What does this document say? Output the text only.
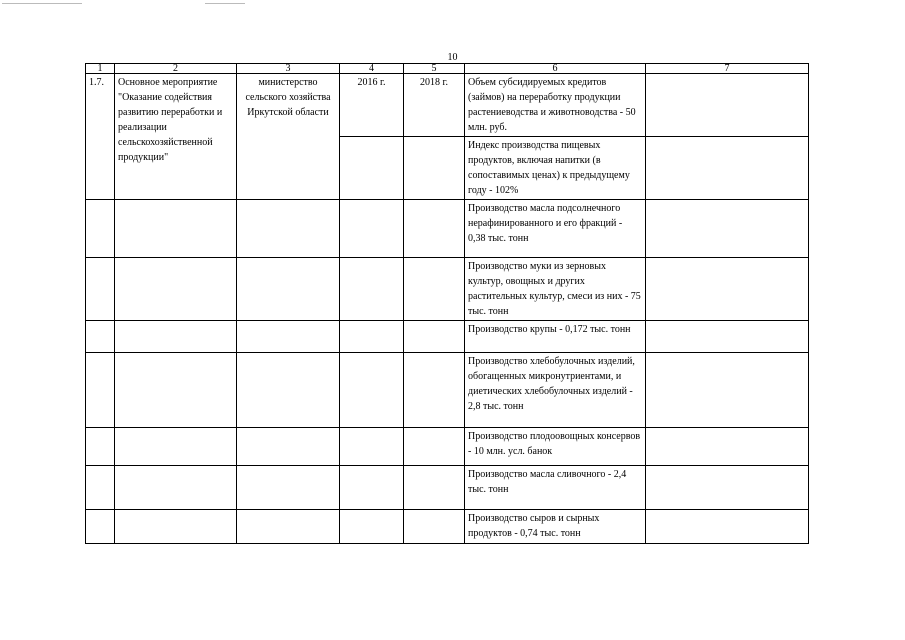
10
1	2	3	4	5	6	7
1.7.	Основное мероприятие "Оказание содействия развитию переработки и реализации сельскохозяйственной продукции"	министерство сельского хозяйства Иркутской области	2016 г.	2018 г.	Объем субсидируемых кредитов (займов) на переработку продукции растениеводства и животноводства - 50 млн. руб.	
					Индекс производства пищевых продуктов, включая напитки (в сопоставимых ценах) к предыдущему году - 102%	
					Производство масла подсолнечного нерафинированного и его фракций - 0,38 тыс. тонн	
					Производство муки из зерновых культур, овощных и других растительных культур, смеси из них - 75 тыс. тонн	
					Производство крупы - 0,172 тыс. тонн	
					Производство хлебобулочных изделий, обогащенных микронутриентами, и диетических хлебобулочных изделий - 2,8 тыс. тонн	
					Производство плодоовощных консервов - 10 млн. усл. банок	
					Производство масла сливочного - 2,4 тыс. тонн	
					Производство сыров и сырных продуктов - 0,74 тыс. тонн	
